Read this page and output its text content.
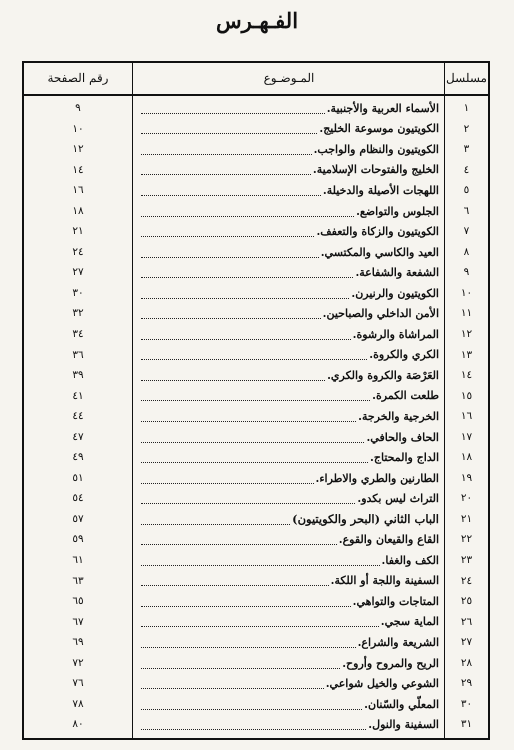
الفـهـرس
مسلسل
المـوضـوع
رقم الصفحة
١
الأسماء العربية والأجنبية.
٩
٢
الكويتيون موسوعة الخليج.
١٠
٣
الكويتيون والنظام والواجب.
١٢
٤
الخليج والفتوحات الإسلامية.
١٤
٥
اللهجات الأصيلة والدخيلة.
١٦
٦
الجلوس والتواضع.
١٨
٧
الكويتيون والزكاة والتعفف.
٢١
٨
العيد والكاسي والمكتسي.
٢٤
٩
الشفعة والشفاعة.
٢٧
١٠
الكويتيون والرنيرن.
٣٠
١١
الأمن الداخلي والصباحين.
٣٢
١٢
المراشاة والرشوة.
٣٤
١٣
الكري والكروة.
٣٦
١٤
العَرْصَة والكروة والكري.
٣٩
١٥
طلعت الكمرة.
٤١
١٦
الخرجية والخرجة.
٤٤
١٧
الحاف والحافي.
٤٧
١٨
الداج والمحتاج.
٤٩
١٩
الطارنين والطري والاطراء.
٥١
٢٠
التراث ليس بكدو.
٥٤
٢١
الباب الثاني (البحر والكويتيون)
٥٧
٢٢
القاع والقيعان والقوع.
٥٩
٢٣
الكف والغفا.
٦١
٢٤
السفينة واللجة أو اللكة.
٦٣
٢٥
المتاجات والتواهي.
٦٥
٢٦
الماية سجي.
٦٧
٢٧
الشريعة والشراع.
٦٩
٢٨
الريح والمروح وأروح.
٧٢
٢٩
الشوعي والخيل شواعي.
٧٦
٣٠
المعلّي والسّنان.
٧٨
٣١
السفينة والنول.
٨٠
